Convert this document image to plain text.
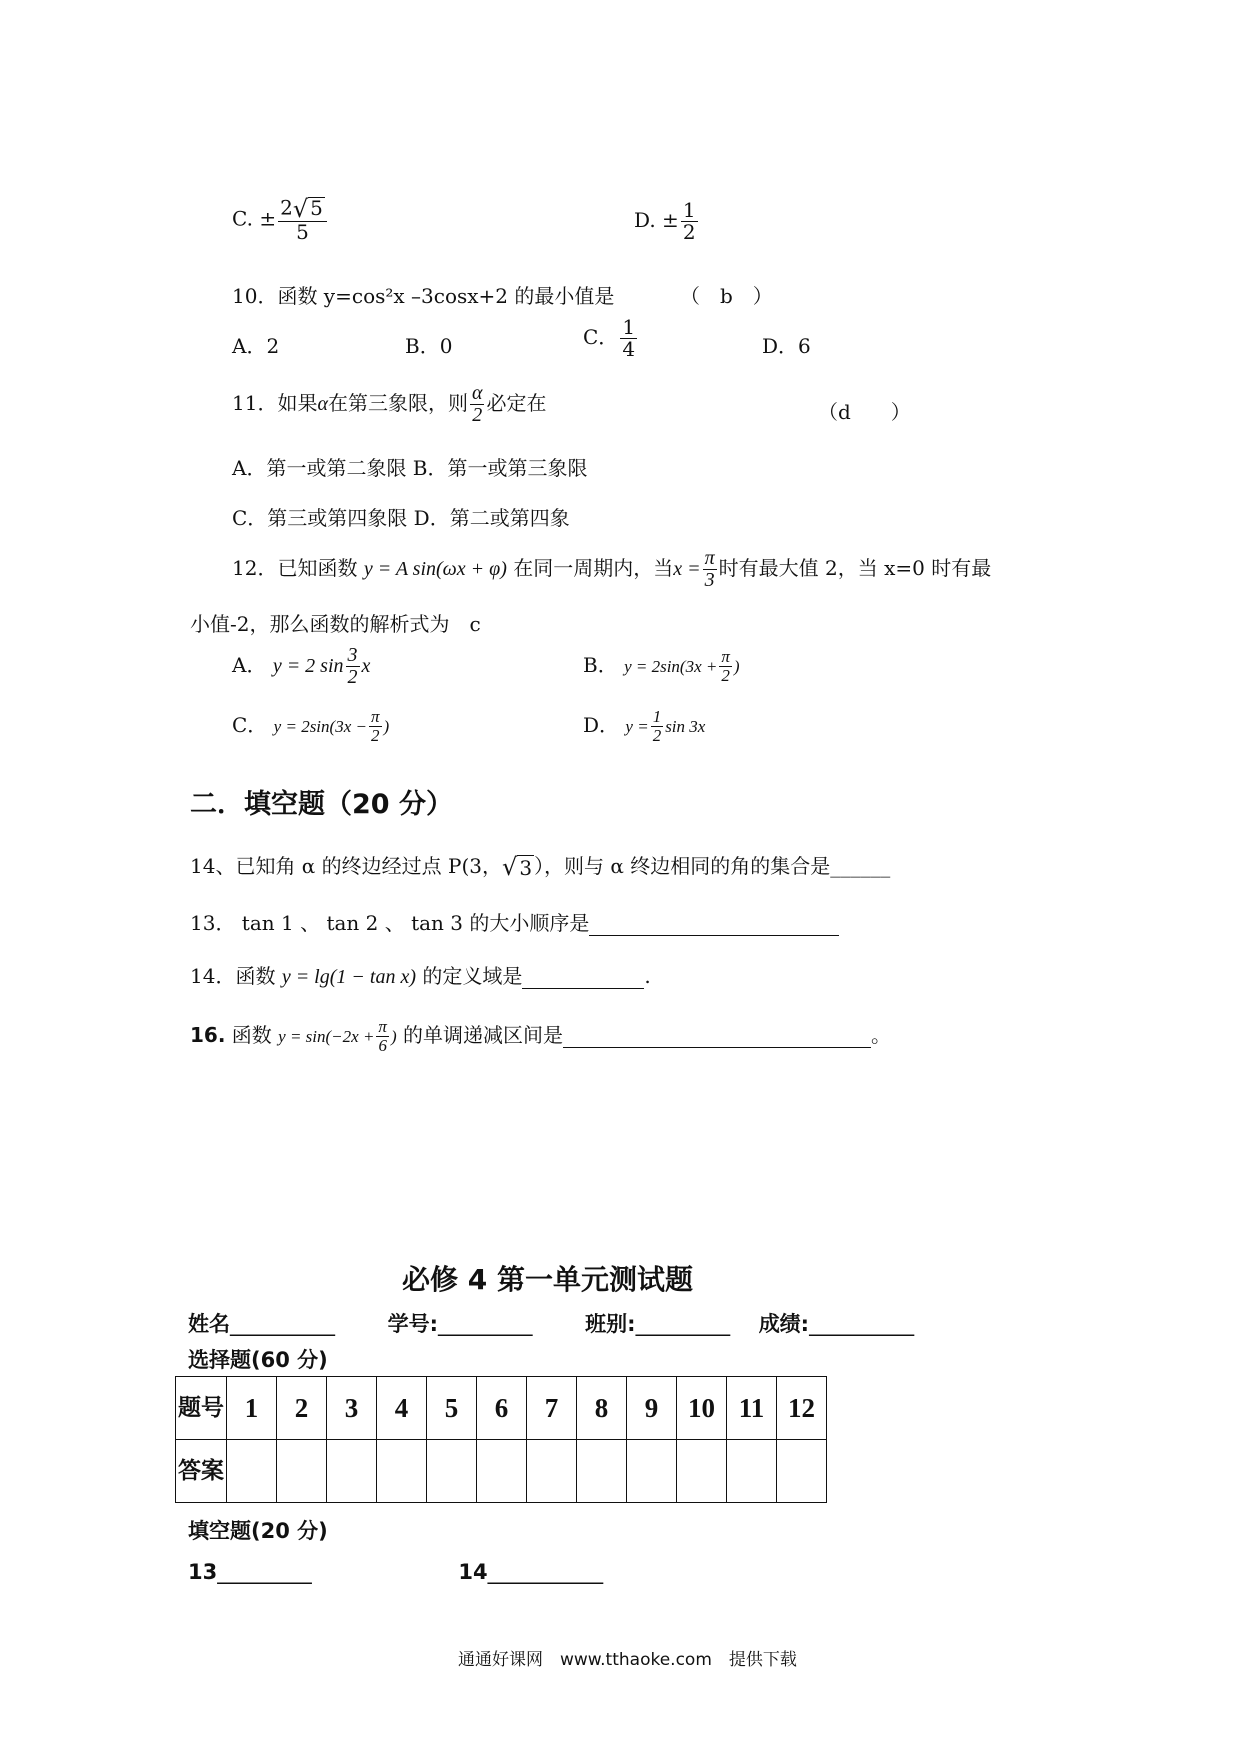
C. ± $\frac{2 √ 5}{5}$	D. ± $\frac{1}{2}$
10．函数 y=cos²x –3cosx+2 的最小值是	（　b　）
A．2	B．0	C． $\frac{1}{4}$	D．6
11．如果α在第三象限，则 $\frac{\alpha}{2}$ 必定在	（d　　）
A．第一或第二象限 B．第一或第三象限
C．第三或第四象限 D．第二或第四象
12．已知函数 y = A sin(ωx + φ) 在同一周期内，当$x = \frac{\pi}{3}$ 时有最大值 2，当 x=0 时有最
小值-2，那么函数的解析式为　c
A． y = 2 $\sin \frac{3}{2}$ x	B． $y = 2\sin(3x + \frac{\pi}{2}$ )
C． $y = 2\sin(3x - \frac{\pi}{2}$ )	D． $y = \frac{1}{2}$ sin 3x
二．填空题（20 分）
14、已知角 α 的终边经过点 P(3， √ 3 ），则与 α 终边相同的角的集合是______
13． tan 1 、 tan 2 、 tan 3 的大小顺序是
14．函数 y = lg(1 − tan x) 的定义域是	.
16. 函数 $y = \sin(-2x + \frac{\pi}{6}$ ) 的单调递减区间是	。
必修 4 第一单元测试题
姓名__________	学号:_________	班别:_________ 成绩:__________
选择题(60 分)
题号	1	2	3	4	5	6	7	8	9	10	11	12
答案												
填空题(20 分)
13_________	14___________
通通好课网　www.tthaoke.com　提供下载
